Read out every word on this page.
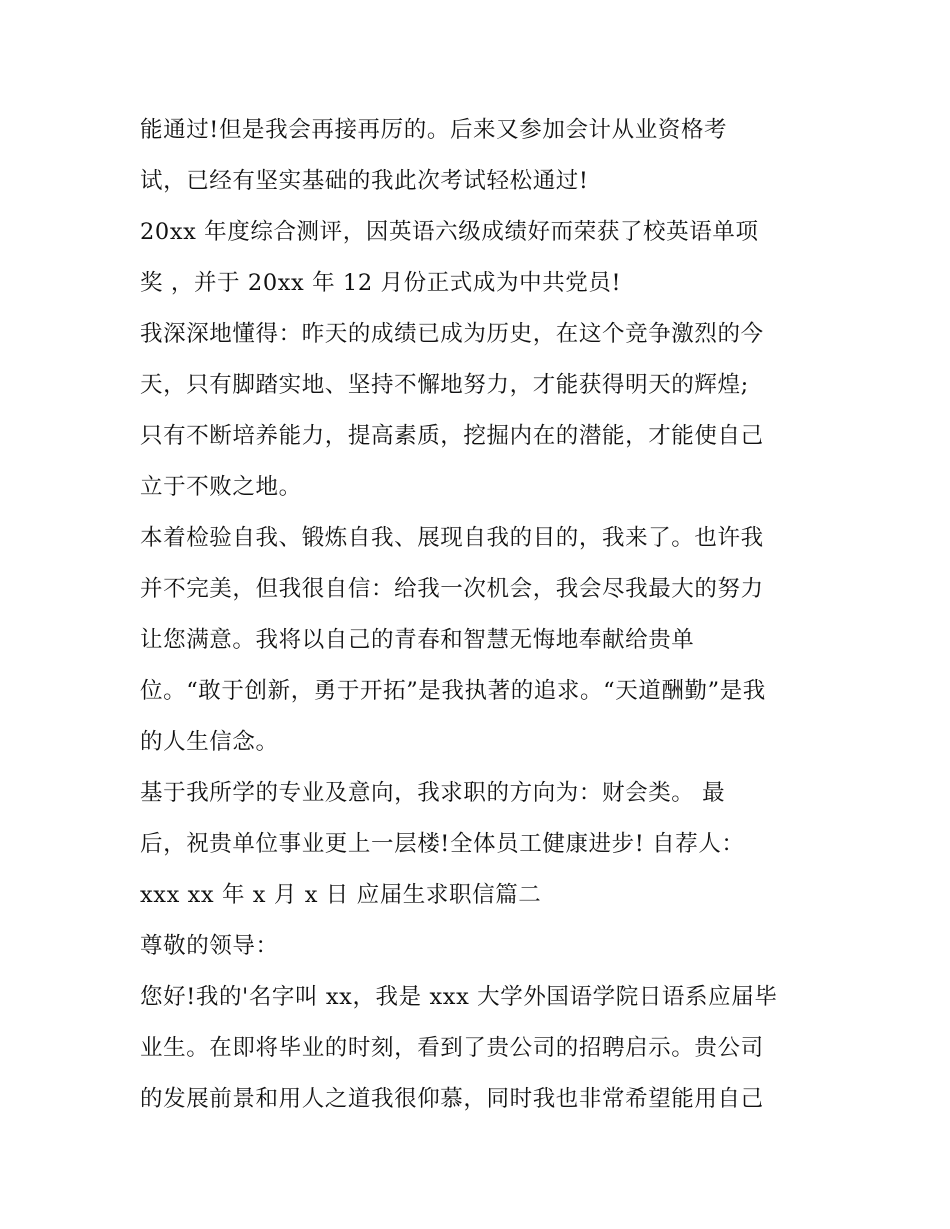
能通过!但是我会再接再厉的。后来又参加会计从业资格考
试，已经有坚实基础的我此次考试轻松通过!
20xx 年度综合测评，因英语六级成绩好而荣获了校英语单项
奖 ，并于 20xx 年 12 月份正式成为中共党员!
我深深地懂得：昨天的成绩已成为历史，在这个竞争激烈的今
天，只有脚踏实地、坚持不懈地努力，才能获得明天的辉煌;
只有不断培养能力，提高素质，挖掘内在的潜能，才能使自己
立于不败之地。
本着检验自我、锻炼自我、展现自我的目的，我来了。也许我
并不完美，但我很自信：给我一次机会，我会尽我最大的努力
让您满意。我将以自己的青春和智慧无悔地奉献给贵单
位。“敢于创新，勇于开拓”是我执著的追求。“天道酬勤”是我
的人生信念。
基于我所学的专业及意向，我求职的方向为：财会类。 最
后，祝贵单位事业更上一层楼!全体员工健康进步! 自荐人：
xxx xx 年 x 月 x 日 应届生求职信篇二
尊敬的领导：
您好!我的'名字叫 xx，我是 xxx 大学外国语学院日语系应届毕
业生。在即将毕业的时刻，看到了贵公司的招聘启示。贵公司
的发展前景和用人之道我很仰慕，同时我也非常希望能用自己
